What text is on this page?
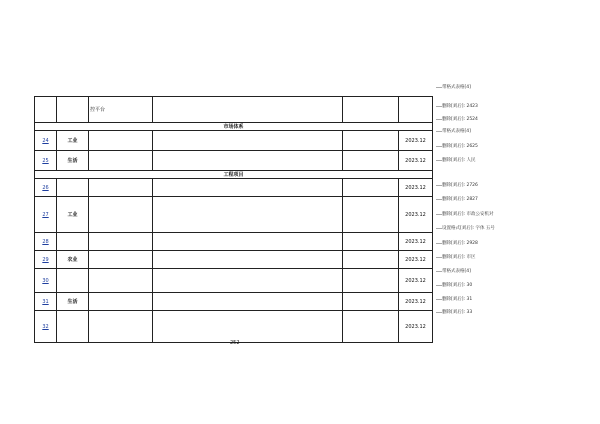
		控平台			
市场体系					
24	工业				2023.12
25	生活				2023.12
工程项目					
26					2023.12
27	工业				2023.12
28					2023.12
29	农业				2023.12
30					2023.12
31	生活				2023.12
32					2023.12
252
带格式表格[4]
删除[刘后]: 2423
删除[刘后]: 2524
带格式表格[4]
删除[刘后]: 2625
删除[刘后]: 人民
删除[刘后]: 2726
删除[刘后]: 2827
删除[刘后]: 市政公安机对
设置格式[刘后]: 字体 五号
删除[刘后]: 2928
删除[刘后]: 市区
带格式表格[4]
删除[刘后]: 30
删除[刘后]: 31
删除[刘后]: 33
